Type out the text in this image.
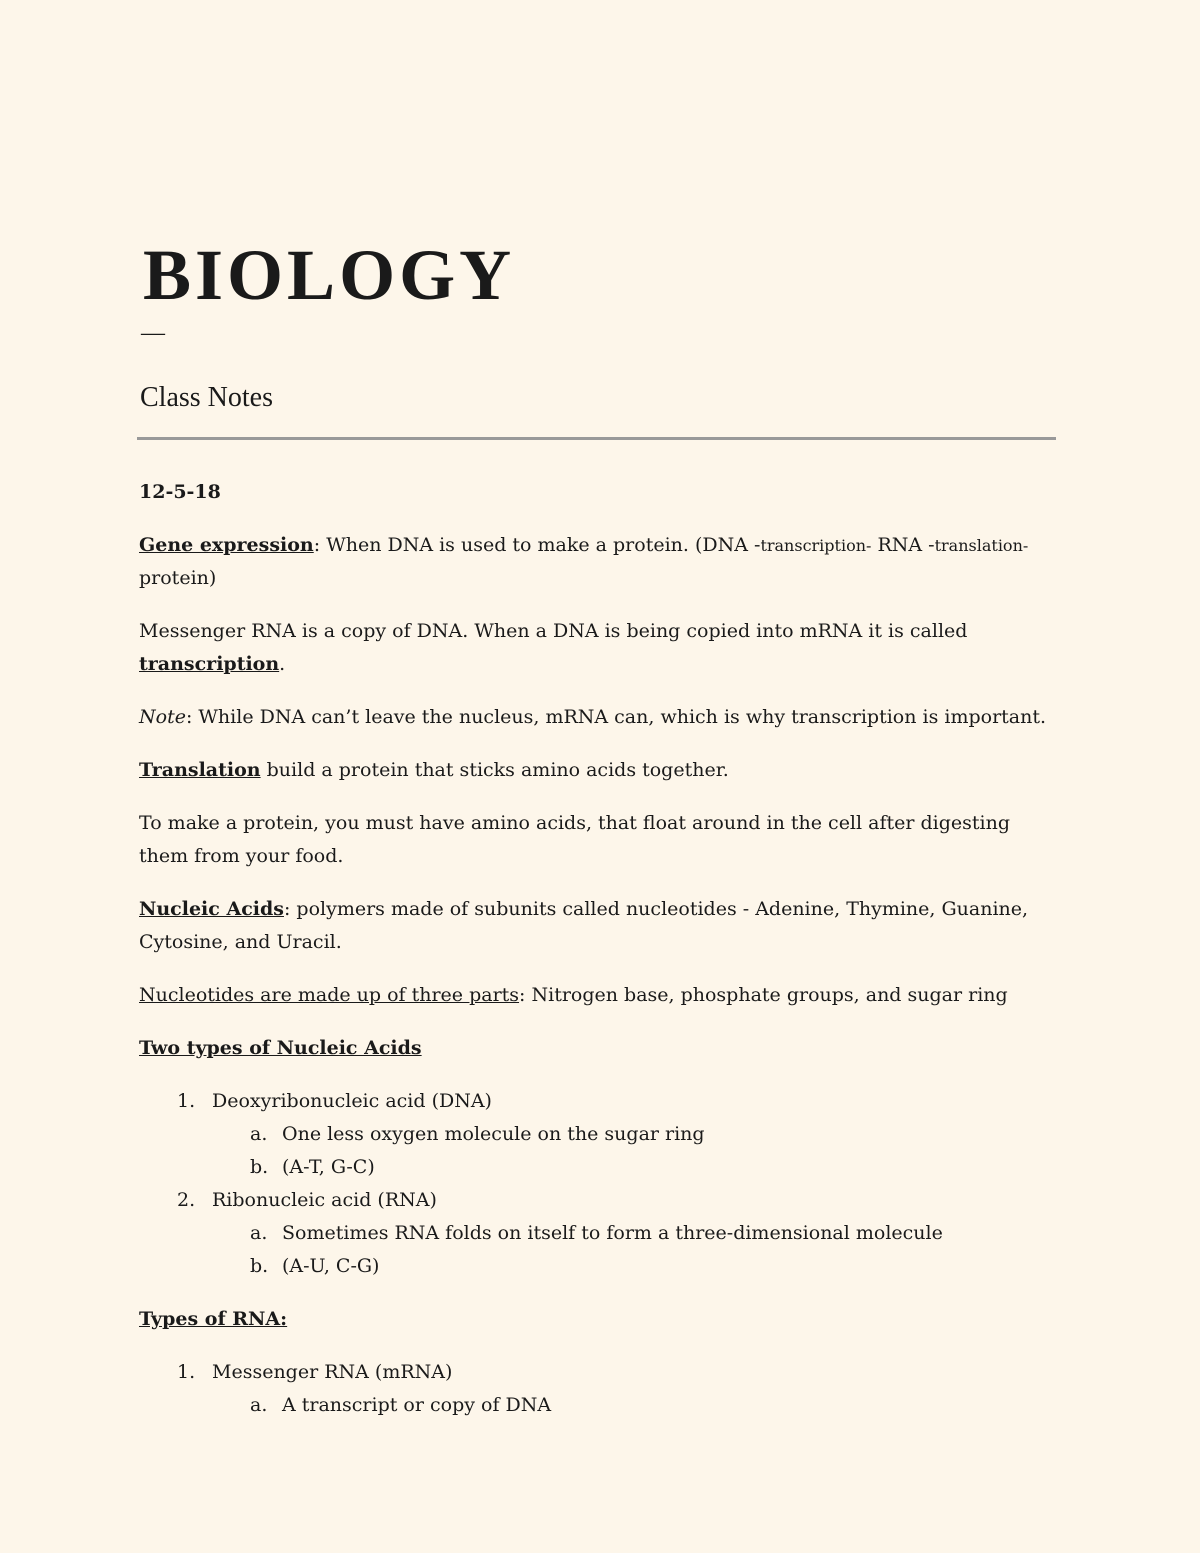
BIOLOGY
—
Class Notes
12-5-18

Gene expression: When DNA is used to make a protein. (DNA -transcription- RNA -translation- protein)

Messenger RNA is a copy of DNA. When a DNA is being copied into mRNA it is called transcription.

Note: While DNA can’t leave the nucleus, mRNA can, which is why transcription is important.

Translation build a protein that sticks amino acids together.

To make a protein, you must have amino acids, that float around in the cell after digesting them from your food.

Nucleic Acids: polymers made of subunits called nucleotides - Adenine, Thymine, Guanine, Cytosine, and Uracil.

Nucleotides are made up of three parts: Nitrogen base, phosphate groups, and sugar ring

Two types of Nucleic Acids

1. Deoxyribonucleic acid (DNA)
a. One less oxygen molecule on the sugar ring
b. (A-T, G-C)
2. Ribonucleic acid (RNA)
a. Sometimes RNA folds on itself to form a three-dimensional molecule
b. (A-U, C-G)

Types of RNA:

1. Messenger RNA (mRNA)
a. A transcript or copy of DNA
